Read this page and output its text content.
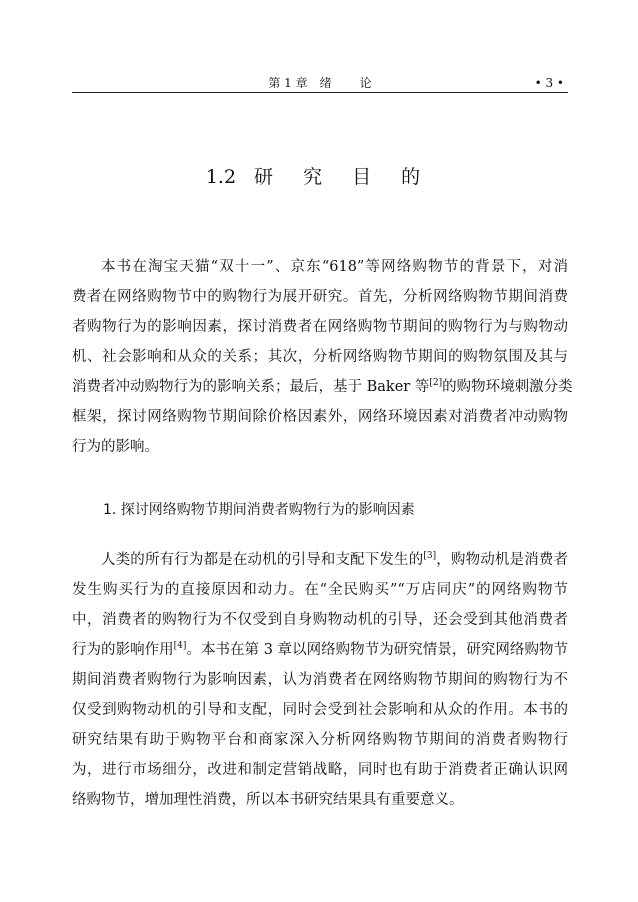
第 1 章 绪 论	• 3 •
1.2 研 究 目 的
本书在淘宝天猫“双十一”、京东“618”等网络购物节的背景下，对消
费者在网络购物节中的购物行为展开研究。首先，分析网络购物节期间消费
者购物行为的影响因素，探讨消费者在网络购物节期间的购物行为与购物动
机、社会影响和从众的关系；其次，分析网络购物节期间的购物氛围及其与
消费者冲动购物行为的影响关系；最后，基于 Baker 等[2]的购物环境刺激分类
框架，探讨网络购物节期间除价格因素外，网络环境因素对消费者冲动购物
行为的影响。
1. 探讨网络购物节期间消费者购物行为的影响因素
人类的所有行为都是在动机的引导和支配下发生的[3]，购物动机是消费者
发生购买行为的直接原因和动力。在“全民购买”“万店同庆”的网络购物节
中，消费者的购物行为不仅受到自身购物动机的引导，还会受到其他消费者
行为的影响作用[4]。本书在第 3 章以网络购物节为研究情景，研究网络购物节
期间消费者购物行为影响因素，认为消费者在网络购物节期间的购物行为不
仅受到购物动机的引导和支配，同时会受到社会影响和从众的作用。本书的
研究结果有助于购物平台和商家深入分析网络购物节期间的消费者购物行
为，进行市场细分，改进和制定营销战略，同时也有助于消费者正确认识网
络购物节，增加理性消费，所以本书研究结果具有重要意义。
